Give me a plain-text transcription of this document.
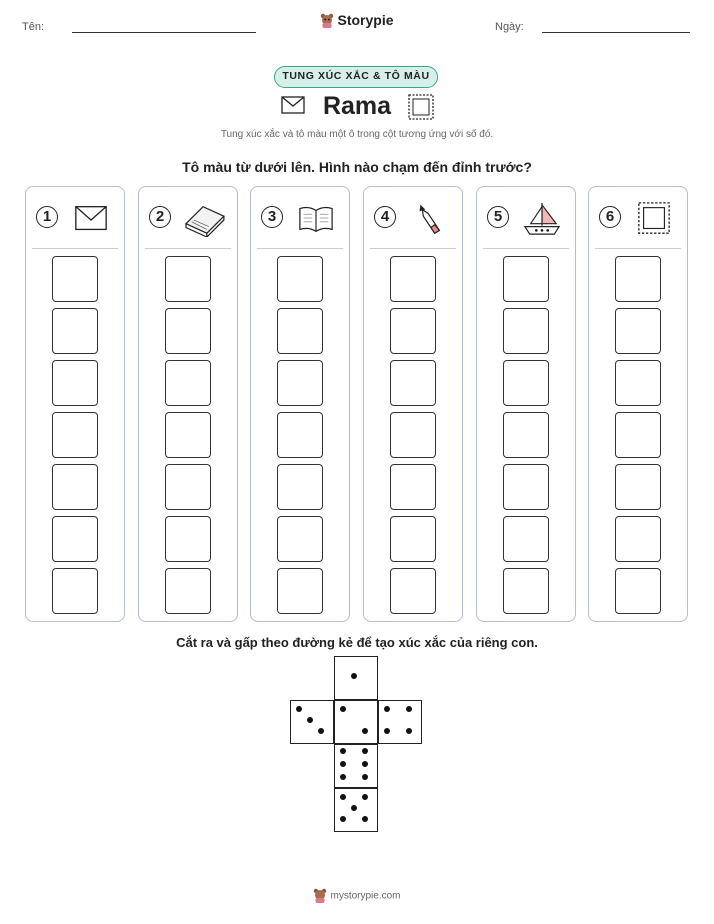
Tên:	Storypie	Ngày:
TUNG XÚC XẮC & TÔ MÀU
Rama
Tung xúc xắc và tô màu một ô trong cột tương ứng với số đó.
Tô màu từ dưới lên. Hình nào chạm đến đỉnh trước?
1	2	3	4	5	6
Cắt ra và gấp theo đường kẻ để tạo xúc xắc của riêng con.
mystorypie.com
